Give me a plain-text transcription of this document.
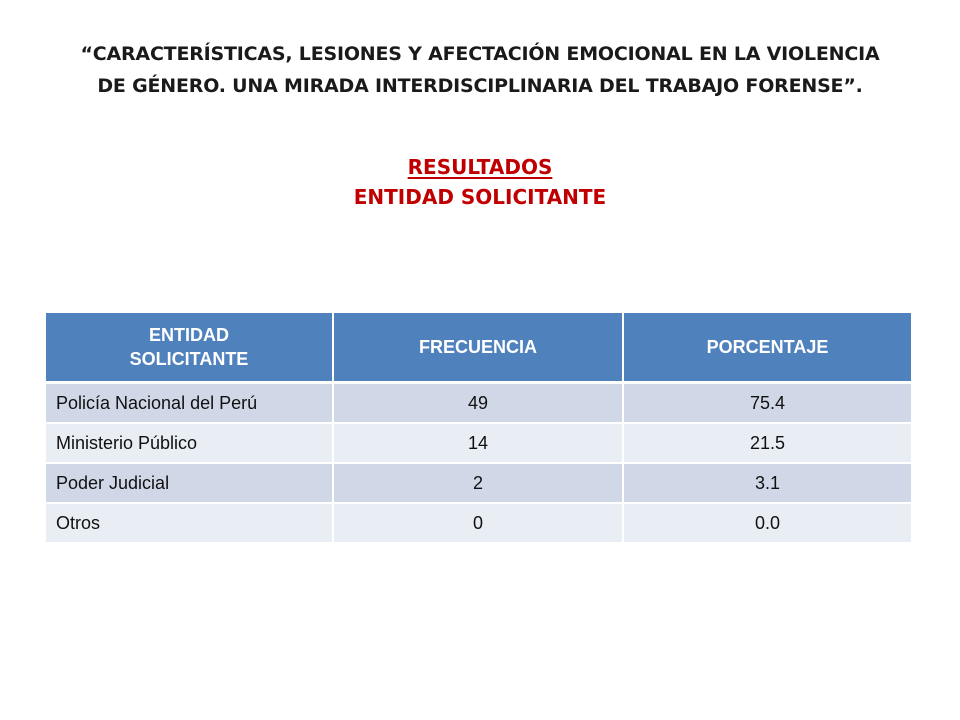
“CARACTERÍSTICAS, LESIONES Y AFECTACIÓN EMOCIONAL EN LA VIOLENCIA
DE GÉNERO. UNA MIRADA INTERDISCIPLINARIA DEL TRABAJO FORENSE”.
RESULTADOS
ENTIDAD SOLICITANTE
ENTIDAD
SOLICITANTE	FRECUENCIA	PORCENTAJE
Policía Nacional del Perú	49	75.4
Ministerio Público	14	21.5
Poder Judicial	2	3.1
Otros	0	0.0
